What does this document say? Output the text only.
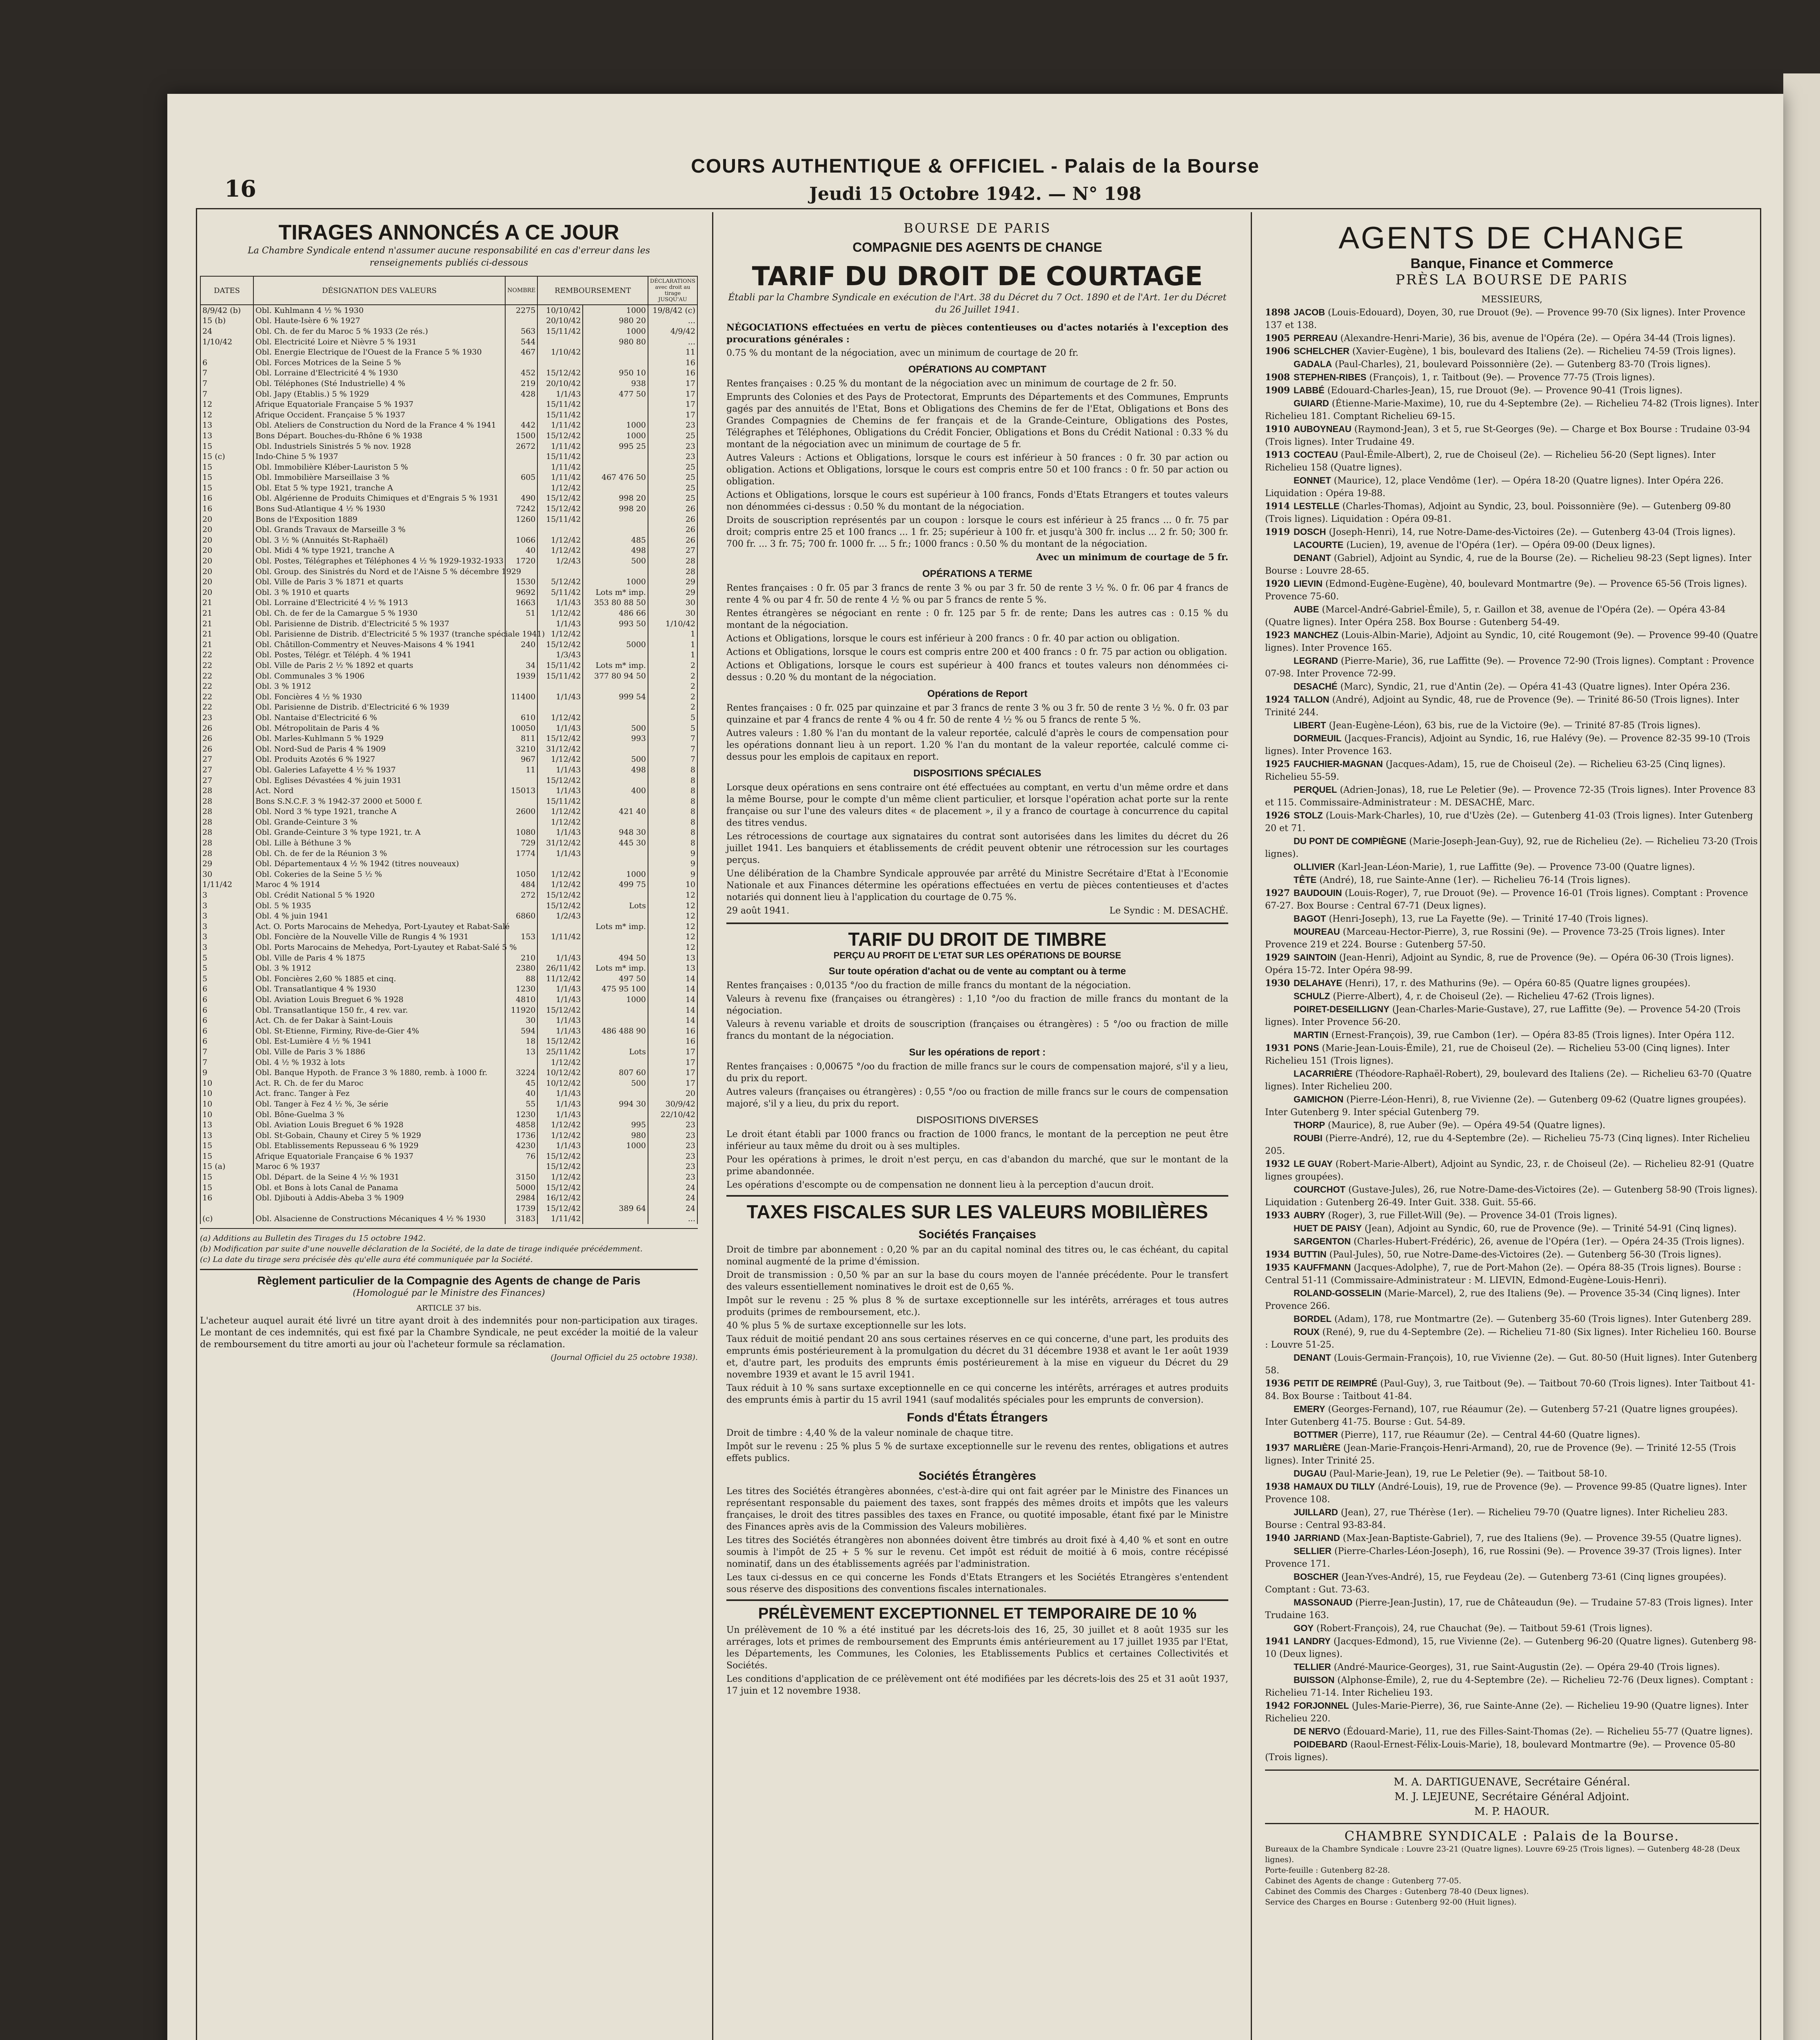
16
COURS AUTHENTIQUE & OFFICIEL - Palais de la Bourse
Jeudi 15 Octobre 1942. — N° 198
TIRAGES ANNONCÉS A CE JOUR
La Chambre Syndicale entend n'assumer aucune responsabilité en cas d'erreur dans les renseignements publiés ci-dessous
DATES	DÉSIGNATION DES VALEURS	NOMBRE	REMBOURSEMENT		DÉCLARATIONS avec droit au tirage JUSQU'AU
8/9/42 (b)	Obl. Kuhlmann 4 ½ % 1930	2275	10/10/42	1000	19/8/42 (c)
15 (b)	Obl. Haute-Isère 6 % 1927		20/10/42	980 20	...
24	Obl. Ch. de fer du Maroc 5 % 1933 (2e rés.)	563	15/11/42	1000	4/9/42
1/10/42	Obl. Electricité Loire et Nièvre 5 % 1931	544		980 80	...
	Obl. Energie Electrique de l'Ouest de la France 5 % 1930	467	1/10/42		11
6	Obl. Forces Motrices de la Seine 5 %				16
7	Obl. Lorraine d'Electricité 4 % 1930	452	15/12/42	950 10	16
7	Obl. Téléphones (Sté Industrielle) 4 %	219	20/10/42	938	17
7	Obl. Japy (Etablis.) 5 % 1929	428	1/1/43	477 50	17
12	Afrique Equatoriale Française 5 % 1937		15/11/42		17
12	Afrique Occident. Française 5 % 1937		15/11/42		17
13	Obl. Ateliers de Construction du Nord de la France 4 % 1941	442	1/11/42	1000	23
13	Bons Départ. Bouches-du-Rhône 6 % 1938	1500	15/12/42	1000	25
15	Obl. Industriels Sinistrés 5 % nov. 1928	2672	1/11/42	995 25	23
15 (c)	Indo-Chine 5 % 1937		15/11/42		23
15	Obl. Immobilière Kléber-Lauriston 5 %		1/11/42		25
15	Obl. Immobilière Marseillaise 3 %	605	1/11/42	467 476 50	25
15	Obl. Etat 5 % type 1921, tranche A		1/12/42		25
16	Obl. Algérienne de Produits Chimiques et d'Engrais 5 % 1931	490	15/12/42	998 20	25
16	Bons Sud-Atlantique 4 ½ % 1930	7242	15/12/42	998 20	26
20	Bons de l'Exposition 1889	1260	15/11/42		26
20	Obl. Grands Travaux de Marseille 3 %				26
20	Obl. 3 ½ % (Annuités St-Raphaël)	1066	1/12/42	485	26
20	Obl. Midi 4 % type 1921, tranche A	40	1/12/42	498	27
20	Obl. Postes, Télégraphes et Téléphones 4 ½ % 1929-1932-1933	1720	1/2/43	500	28
20	Obl. Group. des Sinistrés du Nord et de l'Aisne 5 % décembre 1929				28
20	Obl. Ville de Paris 3 % 1871 et quarts	1530	5/12/42	1000	29
20	Obl. 3 % 1910 et quarts	9692	5/11/42	Lots m* imp.	29
21	Obl. Lorraine d'Electricité 4 ½ % 1913	1663	1/1/43	353 80 88 50	30
21	Obl. Ch. de fer de la Camargue 5 % 1930	51	1/12/42	486 66	30
21	Obl. Parisienne de Distrib. d'Electricité 5 % 1937		1/1/43	993 50	1/10/42
21	Obl. Parisienne de Distrib. d'Electricité 5 % 1937 (tranche spéciale 1941)		1/12/42		1
21	Obl. Châtillon-Commentry et Neuves-Maisons 4 % 1941	240	15/12/42	5000	1
22	Obl. Postes, Télégr. et Téléph. 4 % 1941		1/3/43		1
22	Obl. Ville de Paris 2 ½ % 1892 et quarts	34	15/11/42	Lots m* imp.	2
22	Obl. Communales 3 % 1906	1939	15/11/42	377 80 94 50	2
22	Obl. 3 % 1912				2
22	Obl. Foncières 4 ½ % 1930	11400	1/1/43	999 54	2
22	Obl. Parisienne de Distrib. d'Electricité 6 % 1939				2
23	Obl. Nantaise d'Electricité 6 %	610	1/12/42		5
26	Obl. Métropolitain de Paris 4 %	10050	1/1/43	500	5
26	Obl. Marles-Kuhlmann 5 % 1929	811	15/12/42	993	7
26	Obl. Nord-Sud de Paris 4 % 1909	3210	31/12/42		7
27	Obl. Produits Azotés 6 % 1927	967	1/12/42	500	7
27	Obl. Galeries Lafayette 4 ½ % 1937	11	1/1/43	498	8
27	Obl. Eglises Dévastées 4 % juin 1931		15/12/42		8
28	Act. Nord	15013	1/1/43	400	8
28	Bons S.N.C.F. 3 % 1942-37 2000 et 5000 f.		15/11/42		8
28	Obl. Nord 3 % type 1921, tranche A	2600	1/12/42	421 40	8
28	Obl. Grande-Ceinture 3 %		1/12/42		8
28	Obl. Grande-Ceinture 3 % type 1921, tr. A	1080	1/1/43	948 30	8
28	Obl. Lille à Béthune 3 %	729	31/12/42	445 30	8
28	Obl. Ch. de fer de la Réunion 3 %	1774	1/1/43		9
29	Obl. Départementaux 4 ½ % 1942 (titres nouveaux)				9
30	Obl. Cokeries de la Seine 5 ½ %	1050	1/12/42	1000	9
1/11/42	Maroc 4 % 1914	484	1/12/42	499 75	10
3	Obl. Crédit National 5 % 1920	272	15/12/42		12
3	Obl. 5 % 1935		15/12/42	Lots	12
3	Obl. 4 % juin 1941	6860	1/2/43		12
3	Act. O. Ports Marocains de Mehedya, Port-Lyautey et Rabat-Salé			Lots m* imp.	12
3	Obl. Foncière de la Nouvelle Ville de Rungis 4 % 1931	153	1/11/42		12
3	Obl. Ports Marocains de Mehedya, Port-Lyautey et Rabat-Salé 5 %				12
5	Obl. Ville de Paris 4 % 1875	210	1/1/43	494 50	13
5	Obl. 3 % 1912	2380	26/11/42	Lots m* imp.	13
5	Obl. Foncières 2,60 % 1885 et cinq.	88	11/12/42	497 50	14
6	Obl. Transatlantique 4 % 1930	1230	1/1/43	475 95 100	14
6	Obl. Aviation Louis Breguet 6 % 1928	4810	1/1/43	1000	14
6	Obl. Transatlantique 150 fr., 4 rev. var.	11920	15/12/42		14
6	Act. Ch. de fer Dakar à Saint-Louis	30	1/1/43		14
6	Obl. St-Etienne, Firminy, Rive-de-Gier 4%	594	1/1/43	486 488 90	16
6	Obl. Est-Lumière 4 ½ % 1941	18	15/12/42		16
7	Obl. Ville de Paris 3 % 1886	13	25/11/42	Lots	17
7	Obl. 4 ½ % 1932 à lots		1/12/42		17
9	Obl. Banque Hypoth. de France 3 % 1880, remb. à 1000 fr.	3224	10/12/42	807 60	17
10	Act. R. Ch. de fer du Maroc	45	10/12/42	500	17
10	Act. franc. Tanger à Fez	40	1/1/43		20
10	Obl. Tanger à Fez 4 ½ %, 3e série	55	1/1/43	994 30	30/9/42
10	Obl. Bône-Guelma 3 %	1230	1/1/43		22/10/42
13	Obl. Aviation Louis Breguet 6 % 1928	4858	1/12/42	995	23
13	Obl. St-Gobain, Chauny et Cirey 5 % 1929	1736	1/12/42	980	23
15	Obl. Etablissements Repusseau 6 % 1929	4230	1/1/43	1000	23
15	Afrique Equatoriale Française 6 % 1937	76	15/12/42		23
15 (a)	Maroc 6 % 1937		15/12/42		23
15	Obl. Départ. de la Seine 4 ½ % 1931	3150	1/12/42		23
15	Obl. et Bons à lots Canal de Panama	5000	15/12/42		24
16	Obl. Djibouti à Addis-Abeba 3 % 1909	2984	16/12/42		24
		1739	15/12/42	389 64	24
(c)	Obl. Alsacienne de Constructions Mécaniques 4 ½ % 1930	3183	1/11/42		...
(a) Additions au Bulletin des Tirages du 15 octobre 1942.
(b) Modification par suite d'une nouvelle déclaration de la Société, de la date de tirage indiquée précédemment.
(c) La date du tirage sera précisée dès qu'elle aura été communiquée par la Société.
Règlement particulier de la Compagnie des Agents de change de Paris
(Homologué par le Ministre des Finances)
ARTICLE 37 bis.
L'acheteur auquel aurait été livré un titre ayant droit à des indemnités pour non-participation aux tirages. Le montant de ces indemnités, qui est fixé par la Chambre Syndicale, ne peut excéder la moitié de la valeur de remboursement du titre amorti au jour où l'acheteur formule sa réclamation.
(Journal Officiel du 25 octobre 1938).
BOURSE DE PARIS
COMPAGNIE DES AGENTS DE CHANGE
TARIF DU DROIT DE COURTAGE
Établi par la Chambre Syndicale en exécution de l'Art. 38 du Décret du 7 Oct. 1890 et de l'Art. 1er du Décret du 26 Juillet 1941.
NÉGOCIATIONS effectuées en vertu de pièces contentieuses ou d'actes notariés à l'exception des procurations générales :
0.75 % du montant de la négociation, avec un minimum de courtage de 20 fr.
OPÉRATIONS AU COMPTANT
Rentes françaises : 0.25 % du montant de la négociation avec un minimum de courtage de 2 fr. 50.
Emprunts des Colonies et des Pays de Protectorat, Emprunts des Départements et des Communes, Emprunts gagés par des annuités de l'Etat, Bons et Obligations des Chemins de fer de l'Etat, Obligations et Bons des Grandes Compagnies de Chemins de fer français et de la Grande-Ceinture, Obligations des Postes, Télégraphes et Téléphones, Obligations du Crédit Foncier, Obligations et Bons du Crédit National : 0.33 % du montant de la négociation avec un minimum de courtage de 5 fr.
Autres Valeurs : Actions et Obligations, lorsque le cours est inférieur à 50 frances : 0 fr. 30 par action ou obligation. Actions et Obligations, lorsque le cours est compris entre 50 et 100 francs : 0 fr. 50 par action ou obligation.
Actions et Obligations, lorsque le cours est supérieur à 100 francs, Fonds d'Etats Etrangers et toutes valeurs non dénommées ci-dessus : 0.50 % du montant de la négociation.
Droits de souscription représentés par un coupon : lorsque le cours est inférieur à 25 francs ... 0 fr. 75 par droit; compris entre 25 et 100 francs ... 1 fr. 25; supérieur à 100 fr. et jusqu'à 300 fr. inclus ... 2 fr. 50; 300 fr. 700 fr. ... 3 fr. 75; 700 fr. 1000 fr. ... 5 fr.; 1000 francs : 0.50 % du montant de la négociation.
Avec un minimum de courtage de 5 fr.
OPÉRATIONS A TERME
Rentes françaises : 0 fr. 05 par 3 francs de rente 3 % ou par 3 fr. 50 de rente 3 ½ %. 0 fr. 06 par 4 francs de rente 4 % ou par 4 fr. 50 de rente 4 ½ % ou par 5 francs de rente 5 %.
Rentes étrangères se négociant en rente : 0 fr. 125 par 5 fr. de rente; Dans les autres cas : 0.15 % du montant de la négociation.
Actions et Obligations, lorsque le cours est inférieur à 200 francs : 0 fr. 40 par action ou obligation.
Actions et Obligations, lorsque le cours est compris entre 200 et 400 francs : 0 fr. 75 par action ou obligation.
Actions et Obligations, lorsque le cours est supérieur à 400 francs et toutes valeurs non dénommées ci-dessus : 0.20 % du montant de la négociation.
Opérations de Report
Rentes françaises : 0 fr. 025 par quinzaine et par 3 francs de rente 3 % ou 3 fr. 50 de rente 3 ½ %. 0 fr. 03 par quinzaine et par 4 francs de rente 4 % ou 4 fr. 50 de rente 4 ½ % ou 5 francs de rente 5 %.
Autres valeurs : 1.80 % l'an du montant de la valeur reportée, calculé d'après le cours de compensation pour les opérations donnant lieu à un report. 1.20 % l'an du montant de la valeur reportée, calculé comme ci-dessus pour les emplois de capitaux en report.
DISPOSITIONS SPÉCIALES
Lorsque deux opérations en sens contraire ont été effectuées au comptant, en vertu d'un même ordre et dans la même Bourse, pour le compte d'un même client particulier, et lorsque l'opération achat porte sur la rente française ou sur l'une des valeurs dites « de placement », il y a franco de courtage à concurrence du capital des titres vendus.
Les rétrocessions de courtage aux signataires du contrat sont autorisées dans les limites du décret du 26 juillet 1941. Les banquiers et établissements de crédit peuvent obtenir une rétrocession sur les courtages perçus.
Une délibération de la Chambre Syndicale approuvée par arrêté du Ministre Secrétaire d'Etat à l'Economie Nationale et aux Finances détermine les opérations effectuées en vertu de pièces contentieuses et d'actes notariés qui donnent lieu à l'application du courtage de 0.75 %.
29 août 1941.	Le Syndic : M. DESACHÉ.
TARIF DU DROIT DE TIMBRE
PERÇU AU PROFIT DE L'ETAT SUR LES OPÉRATIONS DE BOURSE
Sur toute opération d'achat ou de vente au comptant ou à terme
Rentes françaises : 0,0135 °/oo du fraction de mille francs du montant de la négociation.
Valeurs à revenu fixe (françaises ou étrangères) : 1,10 °/oo du fraction de mille francs du montant de la négociation.
Valeurs à revenu variable et droits de souscription (françaises ou étrangères) : 5 °/oo ou fraction de mille francs du montant de la négociation.
Sur les opérations de report :
Rentes françaises : 0,00675 °/oo du fraction de mille francs sur le cours de compensation majoré, s'il y a lieu, du prix du report.
Autres valeurs (françaises ou étrangères) : 0,55 °/oo ou fraction de mille francs sur le cours de compensation majoré, s'il y a lieu, du prix du report.
DISPOSITIONS DIVERSES
Le droit étant établi par 1000 francs ou fraction de 1000 francs, le montant de la perception ne peut être inférieur au taux même du droit ou à ses multiples.
Pour les opérations à primes, le droit n'est perçu, en cas d'abandon du marché, que sur le montant de la prime abandonnée.
Les opérations d'escompte ou de compensation ne donnent lieu à la perception d'aucun droit.
TAXES FISCALES SUR LES VALEURS MOBILIÈRES
Sociétés Françaises
Droit de timbre par abonnement : 0,20 % par an du capital nominal des titres ou, le cas échéant, du capital nominal augmenté de la prime d'émission.
Droit de transmission : 0,50 % par an sur la base du cours moyen de l'année précédente. Pour le transfert des valeurs essentiellement nominatives le droit est de 0,65 %.
Impôt sur le revenu : 25 % plus 8 % de surtaxe exceptionnelle sur les intérêts, arrérages et tous autres produits (primes de remboursement, etc.).
40 % plus 5 % de surtaxe exceptionnelle sur les lots.
Taux réduit de moitié pendant 20 ans sous certaines réserves en ce qui concerne, d'une part, les produits des emprunts émis postérieurement à la promulgation du décret du 31 décembre 1938 et avant le 1er août 1939 et, d'autre part, les produits des emprunts émis postérieurement à la mise en vigueur du Décret du 29 novembre 1939 et avant le 15 avril 1941.
Taux réduit à 10 % sans surtaxe exceptionnelle en ce qui concerne les intérêts, arrérages et autres produits des emprunts émis à partir du 15 avril 1941 (sauf modalités spéciales pour les emprunts de conversion).
Fonds d'États Étrangers
Droit de timbre : 4,40 % de la valeur nominale de chaque titre.
Impôt sur le revenu : 25 % plus 5 % de surtaxe exceptionnelle sur le revenu des rentes, obligations et autres effets publics.
Sociétés Étrangères
Les titres des Sociétés étrangères abonnées, c'est-à-dire qui ont fait agréer par le Ministre des Finances un représentant responsable du paiement des taxes, sont frappés des mêmes droits et impôts que les valeurs françaises, le droit des titres passibles des taxes en France, ou quotité imposable, étant fixé par le Ministre des Finances après avis de la Commission des Valeurs mobilières.
Les titres des Sociétés étrangères non abonnées doivent être timbrés au droit fixé à 4,40 % et sont en outre soumis à l'impôt de 25 + 5 % sur le revenu. Cet impôt est réduit de moitié à 6 mois, contre récépissé nominatif, dans un des établissements agréés par l'administration.
Les taux ci-dessus en ce qui concerne les Fonds d'Etats Etrangers et les Sociétés Etrangères s'entendent sous réserve des dispositions des conventions fiscales internationales.
PRÉLÈVEMENT EXCEPTIONNEL ET TEMPORAIRE DE 10 %
Un prélèvement de 10 % a été institué par les décrets-lois des 16, 25, 30 juillet et 8 août 1935 sur les arrérages, lots et primes de remboursement des Emprunts émis antérieurement au 17 juillet 1935 par l'Etat, les Départements, les Communes, les Colonies, les Etablissements Publics et certaines Collectivités et Sociétés.
Les conditions d'application de ce prélèvement ont été modifiées par les décrets-lois des 25 et 31 août 1937, 17 juin et 12 novembre 1938.
AGENTS DE CHANGE
Banque, Finance et Commerce
PRÈS LA BOURSE DE PARIS
MESSIEURS,
1898 JACOB (Louis-Edouard), Doyen, 30, rue Drouot (9e). — Provence 99-70 (Six lignes). Inter Provence 137 et 138.
1905 PERREAU (Alexandre-Henri-Marie), 36 bis, avenue de l'Opéra (2e). — Opéra 34-44 (Trois lignes).
1906 SCHELCHER (Xavier-Eugène), 1 bis, boulevard des Italiens (2e). — Richelieu 74-59 (Trois lignes).
GADALA (Paul-Charles), 21, boulevard Poissonnière (2e). — Gutenberg 83-70 (Trois lignes).
1908 STEPHEN-RIBES (François), 1, r. Taitbout (9e). — Provence 77-75 (Trois lignes).
1909 LABBÉ (Edouard-Charles-Jean), 15, rue Drouot (9e). — Provence 90-41 (Trois lignes).
GUIARD (Étienne-Marie-Maxime), 10, rue du 4-Septembre (2e). — Richelieu 74-82 (Trois lignes). Inter Richelieu 181. Comptant Richelieu 69-15.
1910 AUBOYNEAU (Raymond-Jean), 3 et 5, rue St-Georges (9e). — Charge et Box Bourse : Trudaine 03-94 (Trois lignes). Inter Trudaine 49.
1913 COCTEAU (Paul-Émile-Albert), 2, rue de Choiseul (2e). — Richelieu 56-20 (Sept lignes). Inter Richelieu 158 (Quatre lignes).
EONNET (Maurice), 12, place Vendôme (1er). — Opéra 18-20 (Quatre lignes). Inter Opéra 226. Liquidation : Opéra 19-88.
1914 LESTELLE (Charles-Thomas), Adjoint au Syndic, 23, boul. Poissonnière (9e). — Gutenberg 09-80 (Trois lignes). Liquidation : Opéra 09-81.
1919 DOSCH (Joseph-Henri), 14, rue Notre-Dame-des-Victoires (2e). — Gutenberg 43-04 (Trois lignes).
LACOURTE (Lucien), 19, avenue de l'Opéra (1er). — Opéra 09-00 (Deux lignes).
DENANT (Gabriel), Adjoint au Syndic, 4, rue de la Bourse (2e). — Richelieu 98-23 (Sept lignes). Inter Bourse : Louvre 28-65.
1920 LIEVIN (Edmond-Eugène-Eugène), 40, boulevard Montmartre (9e). — Provence 65-56 (Trois lignes). Provence 75-60.
AUBE (Marcel-André-Gabriel-Émile), 5, r. Gaillon et 38, avenue de l'Opéra (2e). — Opéra 43-84 (Quatre lignes). Inter Opéra 258. Box Bourse : Gutenberg 54-49.
1923 MANCHEZ (Louis-Albin-Marie), Adjoint au Syndic, 10, cité Rougemont (9e). — Provence 99-40 (Quatre lignes). Inter Provence 165.
LEGRAND (Pierre-Marie), 36, rue Laffitte (9e). — Provence 72-90 (Trois lignes). Comptant : Provence 07-98. Inter Provence 72-99.
DESACHÉ (Marc), Syndic, 21, rue d'Antin (2e). — Opéra 41-43 (Quatre lignes). Inter Opéra 236.
1924 TALLON (André), Adjoint au Syndic, 48, rue de Provence (9e). — Trinité 86-50 (Trois lignes). Inter Trinité 244.
LIBERT (Jean-Eugène-Léon), 63 bis, rue de la Victoire (9e). — Trinité 87-85 (Trois lignes).
DORMEUIL (Jacques-Francis), Adjoint au Syndic, 16, rue Halévy (9e). — Provence 82-35 99-10 (Trois lignes). Inter Provence 163.
1925 FAUCHIER-MAGNAN (Jacques-Adam), 15, rue de Choiseul (2e). — Richelieu 63-25 (Cinq lignes). Richelieu 55-59.
PERQUEL (Adrien-Jonas), 18, rue Le Peletier (9e). — Provence 72-35 (Trois lignes). Inter Provence 83 et 115. Commissaire-Administrateur : M. DESACHÉ, Marc.
1926 STOLZ (Louis-Mark-Charles), 10, rue d'Uzès (2e). — Gutenberg 41-03 (Trois lignes). Inter Gutenberg 20 et 71.
DU PONT DE COMPIÈGNE (Marie-Joseph-Jean-Guy), 92, rue de Richelieu (2e). — Richelieu 73-20 (Trois lignes).
OLLIVIER (Karl-Jean-Léon-Marie), 1, rue Laffitte (9e). — Provence 73-00 (Quatre lignes).
TÊTE (André), 18, rue Sainte-Anne (1er). — Richelieu 76-14 (Trois lignes).
1927 BAUDOUIN (Louis-Roger), 7, rue Drouot (9e). — Provence 16-01 (Trois lignes). Comptant : Provence 67-27. Box Bourse : Central 67-71 (Deux lignes).
BAGOT (Henri-Joseph), 13, rue La Fayette (9e). — Trinité 17-40 (Trois lignes).
MOUREAU (Marceau-Hector-Pierre), 3, rue Rossini (9e). — Provence 73-25 (Trois lignes). Inter Provence 219 et 224. Bourse : Gutenberg 57-50.
1929 SAINTOIN (Jean-Henri), Adjoint au Syndic, 8, rue de Provence (9e). — Opéra 06-30 (Trois lignes). Opéra 15-72. Inter Opéra 98-99.
1930 DELAHAYE (Henri), 17, r. des Mathurins (9e). — Opéra 60-85 (Quatre lignes groupées).
SCHULZ (Pierre-Albert), 4, r. de Choiseul (2e). — Richelieu 47-62 (Trois lignes).
POIRET-DESEILLIGNY (Jean-Charles-Marie-Gustave), 27, rue Laffitte (9e). — Provence 54-20 (Trois lignes). Inter Provence 56-20.
MARTIN (Ernest-François), 39, rue Cambon (1er). — Opéra 83-85 (Trois lignes). Inter Opéra 112.
1931 PONS (Marie-Jean-Louis-Émile), 21, rue de Choiseul (2e). — Richelieu 53-00 (Cinq lignes). Inter Richelieu 151 (Trois lignes).
LACARRIÈRE (Théodore-Raphaël-Robert), 29, boulevard des Italiens (2e). — Richelieu 63-70 (Quatre lignes). Inter Richelieu 200.
GAMICHON (Pierre-Léon-Henri), 8, rue Vivienne (2e). — Gutenberg 09-62 (Quatre lignes groupées). Inter Gutenberg 9. Inter spécial Gutenberg 79.
THORP (Maurice), 8, rue Auber (9e). — Opéra 49-54 (Quatre lignes).
ROUBI (Pierre-André), 12, rue du 4-Septembre (2e). — Richelieu 75-73 (Cinq lignes). Inter Richelieu 205.
1932 LE GUAY (Robert-Marie-Albert), Adjoint au Syndic, 23, r. de Choiseul (2e). — Richelieu 82-91 (Quatre lignes groupées).
COURCHOT (Gustave-Jules), 26, rue Notre-Dame-des-Victoires (2e). — Gutenberg 58-90 (Trois lignes). Liquidation : Gutenberg 26-49. Inter Guit. 338. Guit. 55-66.
1933 AUBRY (Roger), 3, rue Fillet-Will (9e). — Provence 34-01 (Trois lignes).
HUET DE PAISY (Jean), Adjoint au Syndic, 60, rue de Provence (9e). — Trinité 54-91 (Cinq lignes).
SARGENTON (Charles-Hubert-Frédéric), 26, avenue de l'Opéra (1er). — Opéra 24-35 (Trois lignes).
1934 BUTTIN (Paul-Jules), 50, rue Notre-Dame-des-Victoires (2e). — Gutenberg 56-30 (Trois lignes).
1935 KAUFFMANN (Jacques-Adolphe), 7, rue de Port-Mahon (2e). — Opéra 88-35 (Trois lignes). Bourse : Central 51-11 (Commissaire-Administrateur : M. LIEVIN, Edmond-Eugène-Louis-Henri).
ROLAND-GOSSELIN (Marie-Marcel), 2, rue des Italiens (9e). — Provence 35-34 (Cinq lignes). Inter Provence 266.
BORDEL (Adam), 178, rue Montmartre (2e). — Gutenberg 35-60 (Trois lignes). Inter Gutenberg 289.
ROUX (René), 9, rue du 4-Septembre (2e). — Richelieu 71-80 (Six lignes). Inter Richelieu 160. Bourse : Louvre 51-25.
DENANT (Louis-Germain-François), 10, rue Vivienne (2e). — Gut. 80-50 (Huit lignes). Inter Gutenberg 58.
1936 PETIT DE REIMPRÉ (Paul-Guy), 3, rue Taitbout (9e). — Taitbout 70-60 (Trois lignes). Inter Taitbout 41-84. Box Bourse : Taitbout 41-84.
EMERY (Georges-Fernand), 107, rue Réaumur (2e). — Gutenberg 57-21 (Quatre lignes groupées). Inter Gutenberg 41-75. Bourse : Gut. 54-89.
BOTTMER (Pierre), 117, rue Réaumur (2e). — Central 44-60 (Quatre lignes).
1937 MARLIÈRE (Jean-Marie-François-Henri-Armand), 20, rue de Provence (9e). — Trinité 12-55 (Trois lignes). Inter Trinité 25.
DUGAU (Paul-Marie-Jean), 19, rue Le Peletier (9e). — Taitbout 58-10.
1938 HAMAUX DU TILLY (André-Louis), 19, rue de Provence (9e). — Provence 99-85 (Quatre lignes). Inter Provence 108.
JUILLARD (Jean), 27, rue Thérèse (1er). — Richelieu 79-70 (Quatre lignes). Inter Richelieu 283. Bourse : Central 93-83-84.
1940 JARRIAND (Max-Jean-Baptiste-Gabriel), 7, rue des Italiens (9e). — Provence 39-55 (Quatre lignes).
SELLIER (Pierre-Charles-Léon-Joseph), 16, rue Rossini (9e). — Provence 39-37 (Trois lignes). Inter Provence 171.
BOSCHER (Jean-Yves-André), 15, rue Feydeau (2e). — Gutenberg 73-61 (Cinq lignes groupées). Comptant : Gut. 73-63.
MASSONAUD (Pierre-Jean-Justin), 17, rue de Châteaudun (9e). — Trudaine 57-83 (Trois lignes). Inter Trudaine 163.
GOY (Robert-François), 24, rue Chauchat (9e). — Taitbout 59-61 (Trois lignes).
1941 LANDRY (Jacques-Edmond), 15, rue Vivienne (2e). — Gutenberg 96-20 (Quatre lignes). Gutenberg 98-10 (Deux lignes).
TELLIER (André-Maurice-Georges), 31, rue Saint-Augustin (2e). — Opéra 29-40 (Trois lignes).
BUISSON (Alphonse-Émile), 2, rue du 4-Septembre (2e). — Richelieu 72-76 (Deux lignes). Comptant : Richelieu 71-14. Inter Richelieu 193.
1942 FORJONNEL (Jules-Marie-Pierre), 36, rue Sainte-Anne (2e). — Richelieu 19-90 (Quatre lignes). Inter Richelieu 220.
DE NERVO (Édouard-Marie), 11, rue des Filles-Saint-Thomas (2e). — Richelieu 55-77 (Quatre lignes).
POIDEBARD (Raoul-Ernest-Félix-Louis-Marie), 18, boulevard Montmartre (9e). — Provence 05-80 (Trois lignes).
M. A. DARTIGUENAVE, Secrétaire Général.
M. J. LEJEUNE, Secrétaire Général Adjoint.
M. P. HAOUR.
CHAMBRE SYNDICALE : Palais de la Bourse.
Bureaux de la Chambre Syndicale : Louvre 23-21 (Quatre lignes). Louvre 69-25 (Trois lignes). — Gutenberg 48-28 (Deux lignes).
Porte-feuille : Gutenberg 82-28.
Cabinet des Agents de change : Gutenberg 77-05.
Cabinet des Commis des Charges : Gutenberg 78-40 (Deux lignes).
Service des Charges en Bourse : Gutenberg 92-00 (Huit lignes).
